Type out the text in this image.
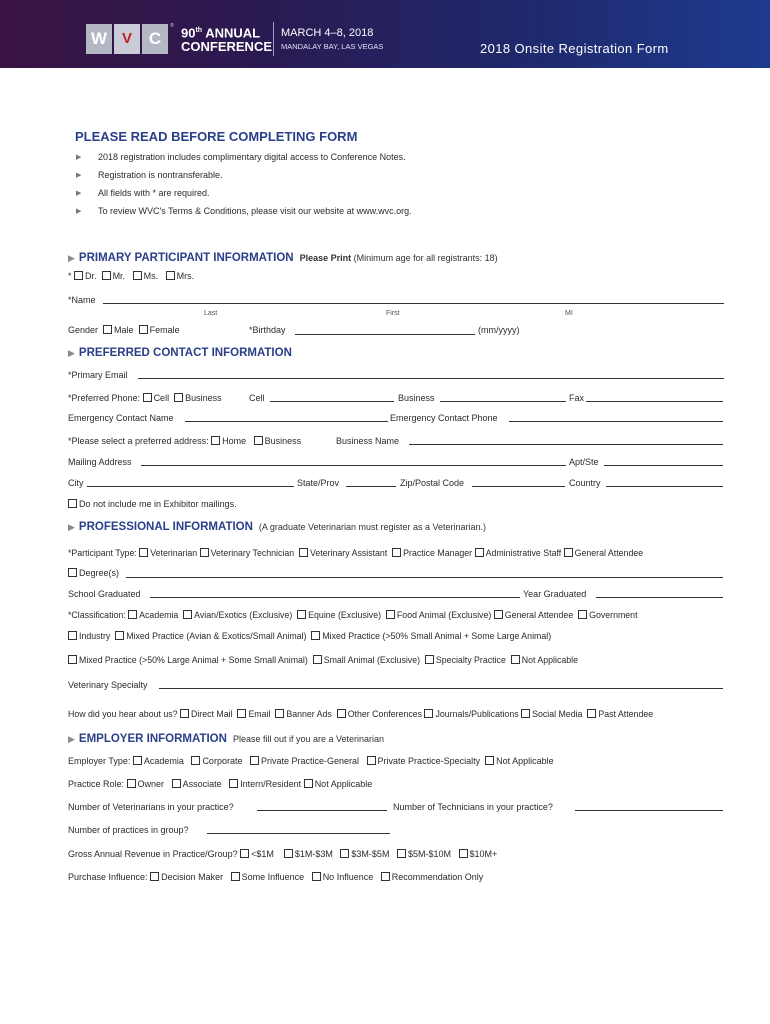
W V C
® 90th ANNUAL
CONFERENCE
MARCH 4–8, 2018
MANDALAY BAY, LAS VEGAS	2018 Onsite Registration Form
PLEASE READ BEFORE COMPLETING FORM
▶ 2018 registration includes complimentary digital access to Conference Notes.
▶ Registration is nontransferable.
▶ All fields with * are required.
▶ To review WVC's Terms & Conditions, please visit our website at www.wvc.org.
▶ PRIMARY PARTICIPANT INFORMATION Please Print (Minimum age for all registrants: 18)
* Dr. Mr. Ms. Mrs.
*Name
Last	First	MI
Gender Male Female	*Birthday	(mm/yyyy)
▶ PREFERRED CONTACT INFORMATION
*Primary Email
*Preferred Phone: Cell Business	Cell	Business	Fax
Emergency Contact Name	Emergency Contact Phone
*Please select a preferred address: Home Business	Business Name
Mailing Address	Apt/Ste
City	State/Prov	Zip/Postal Code	Country
Do not include me in Exhibitor mailings.
▶ PROFESSIONAL INFORMATION (A graduate Veterinarian must register as a Veterinarian.)
*Participant Type: Veterinarian Veterinary Technician Veterinary Assistant Practice Manager Administrative Staff General Attendee
Degree(s)
School Graduated	Year Graduated
*Classification: Academia Avian/Exotics (Exclusive) Equine (Exclusive) Food Animal (Exclusive) General Attendee Government
Industry Mixed Practice (Avian & Exotics/Small Animal) Mixed Practice (>50% Small Animal + Some Large Animal)
Mixed Practice (>50% Large Animal + Some Small Animal) Small Animal (Exclusive) Specialty Practice Not Applicable
Veterinary Specialty
How did you hear about us? Direct Mail Email Banner Ads Other Conferences Journals/Publications Social Media Past Attendee
▶ EMPLOYER INFORMATION Please fill out if you are a Veterinarian
Employer Type: Academia Corporate Private Practice-General Private Practice-Specialty Not Applicable
Practice Role: Owner Associate Intern/Resident Not Applicable
Number of Veterinarians in your practice?	Number of Technicians in your practice?
Number of practices in group?
Gross Annual Revenue in Practice/Group? <$1M $1M-$3M $3M-$5M $5M-$10M $10M+
Purchase Influence: Decision Maker Some Influence No Influence Recommendation Only
